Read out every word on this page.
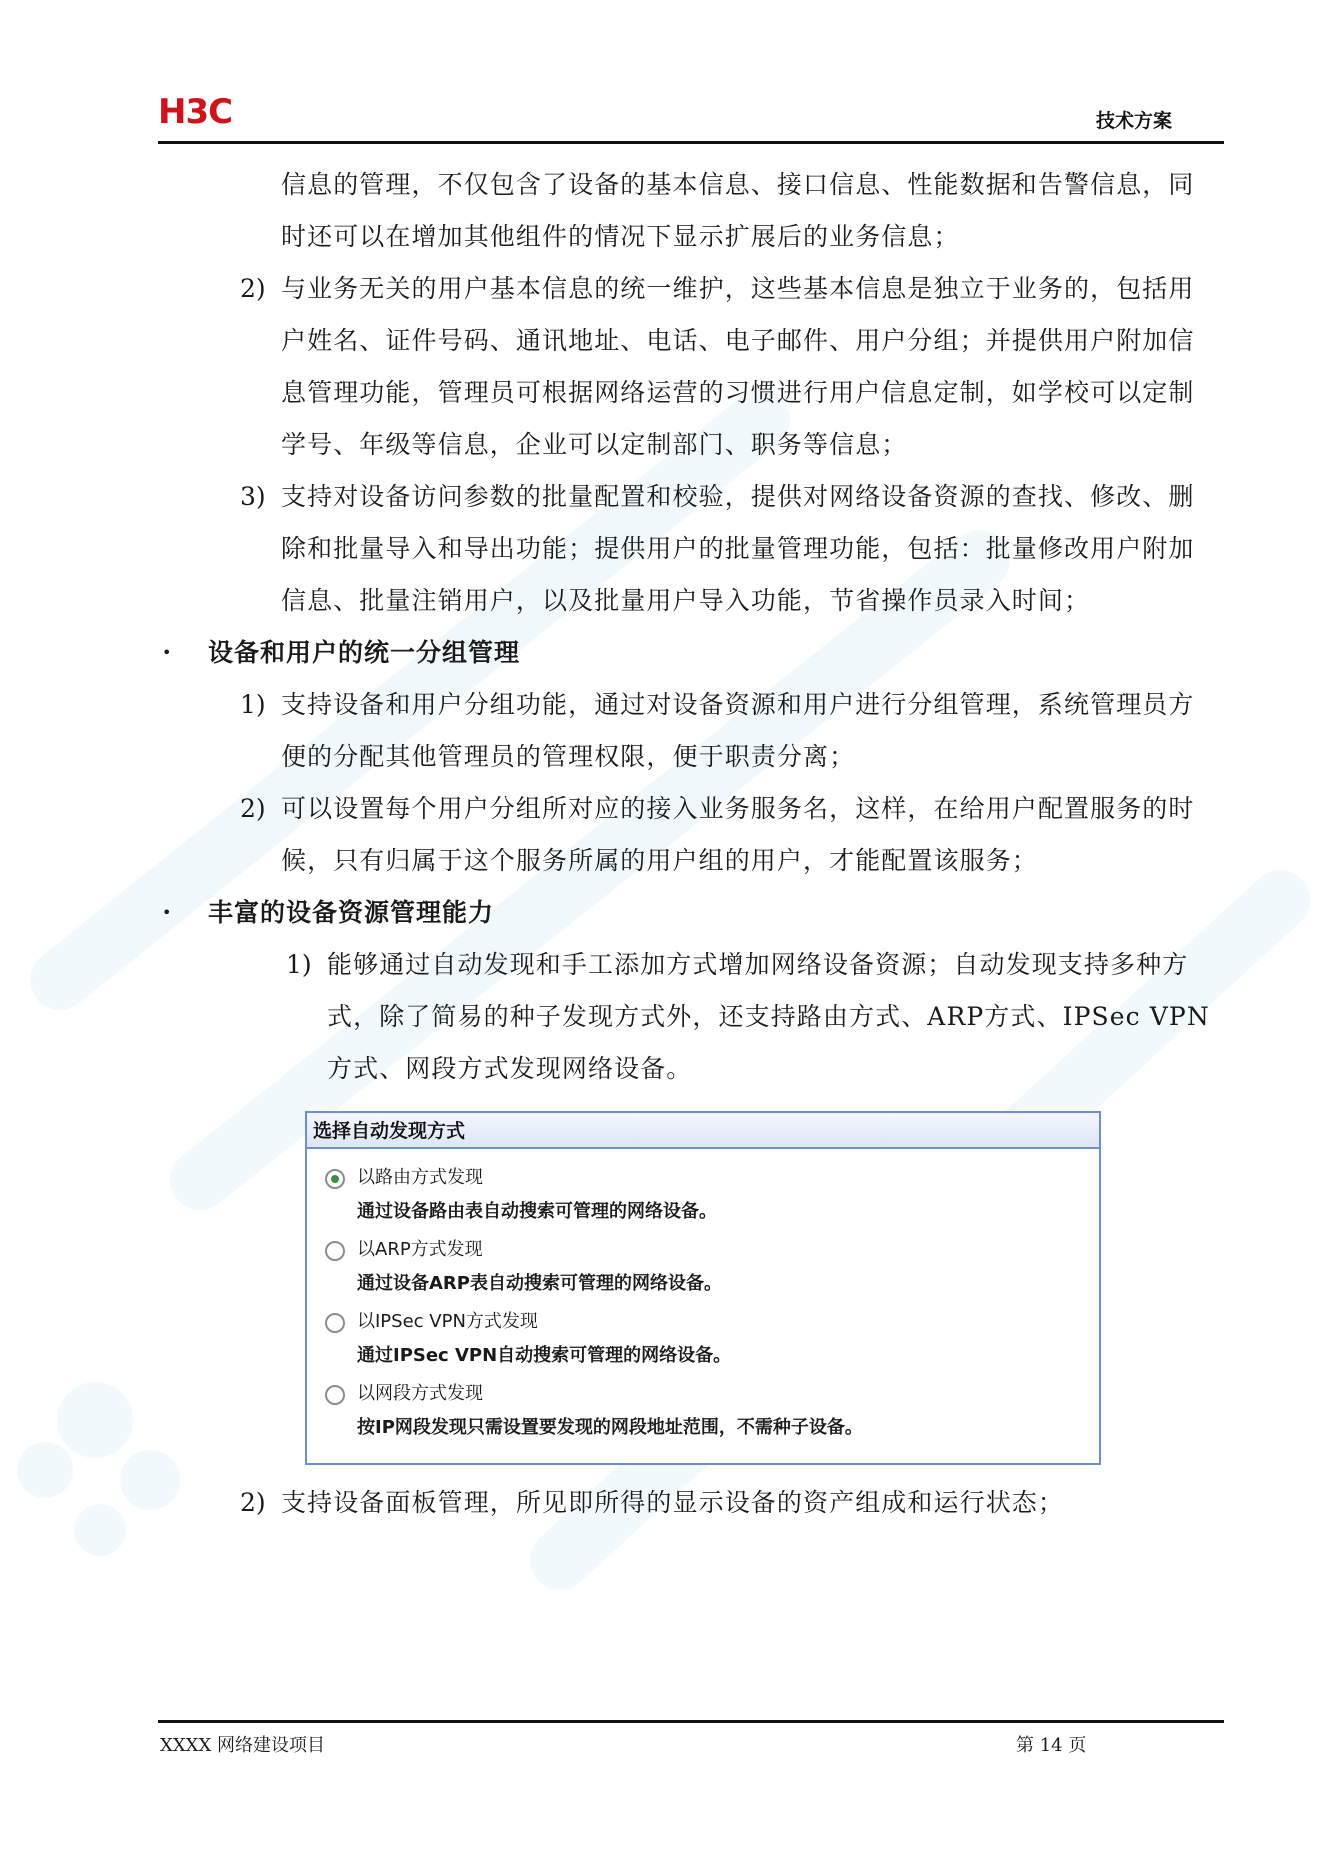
H3C	技术方案
信息的管理，不仅包含了设备的基本信息、接口信息、性能数据和告警信息，同
时还可以在增加其他组件的情况下显示扩展后的业务信息；
2) 与业务无关的用户基本信息的统一维护，这些基本信息是独立于业务的，包括用
户姓名、证件号码、通讯地址、电话、电子邮件、用户分组；并提供用户附加信
息管理功能，管理员可根据网络运营的习惯进行用户信息定制，如学校可以定制
学号、年级等信息，企业可以定制部门、职务等信息；
3) 支持对设备访问参数的批量配置和校验，提供对网络设备资源的查找、修改、删
除和批量导入和导出功能；提供用户的批量管理功能，包括：批量修改用户附加
信息、批量注销用户，以及批量用户导入功能，节省操作员录入时间；
• 设备和用户的统一分组管理
1) 支持设备和用户分组功能，通过对设备资源和用户进行分组管理，系统管理员方
便的分配其他管理员的管理权限，便于职责分离；
2) 可以设置每个用户分组所对应的接入业务服务名，这样，在给用户配置服务的时
候，只有归属于这个服务所属的用户组的用户，才能配置该服务；
• 丰富的设备资源管理能力
1) 能够通过自动发现和手工添加方式增加网络设备资源；自动发现支持多种方
式，除了简易的种子发现方式外，还支持路由方式、ARP方式、IPSec VPN
方式、网段方式发现网络设备。
选择自动发现方式
以路由方式发现
通过设备路由表自动搜索可管理的网络设备。
以ARP方式发现
通过设备ARP表自动搜索可管理的网络设备。
以IPSec VPN方式发现
通过IPSec VPN自动搜索可管理的网络设备。
以网段方式发现
按IP网段发现只需设置要发现的网段地址范围，不需种子设备。
2) 支持设备面板管理，所见即所得的显示设备的资产组成和运行状态；
XXXX 网络建设项目	第 14 页
